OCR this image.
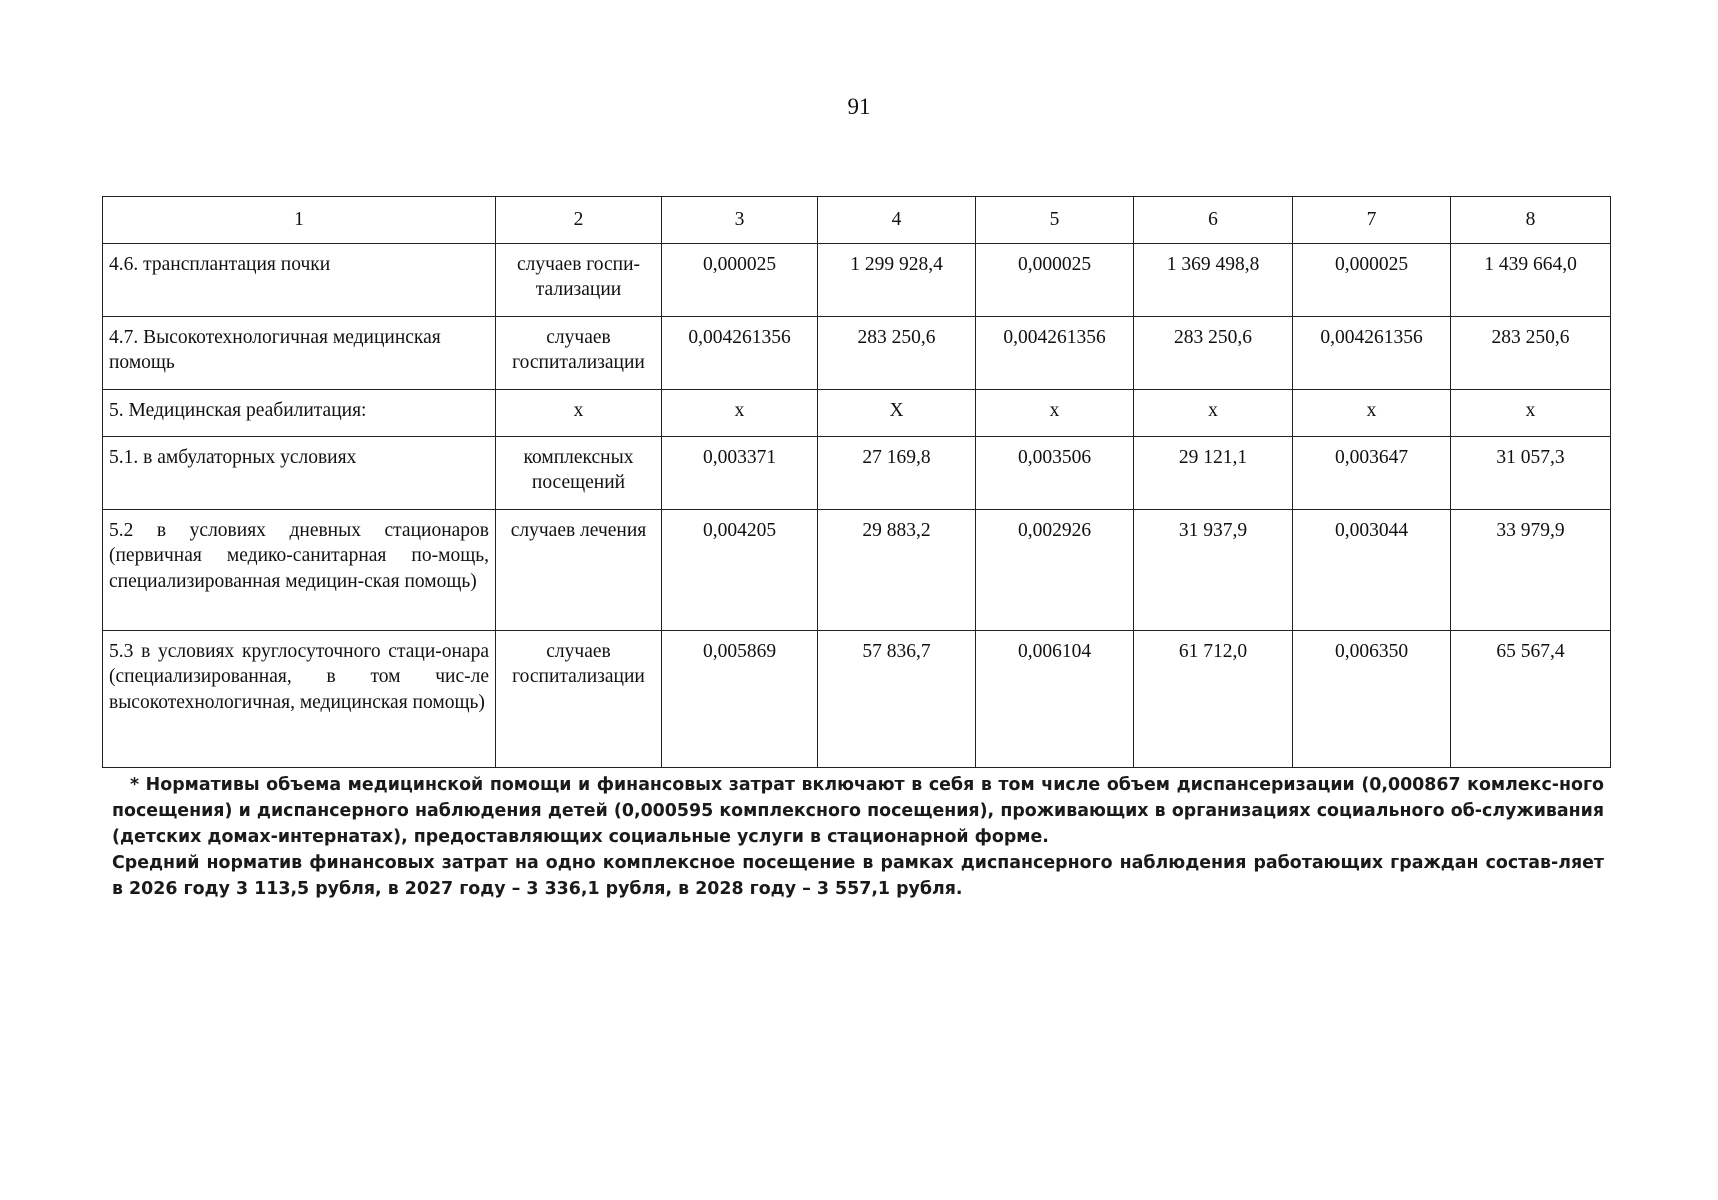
91
1	2	3	4	5	6	7	8
4.6. трансплантация почки	случаев госпи-тализации	0,000025	1 299 928,4	0,000025	1 369 498,8	0,000025	1 439 664,0
4.7. Высокотехнологичная медицинская помощь	случаев госпитализации	0,004261356	283 250,6	0,004261356	283 250,6	0,004261356	283 250,6
5. Медицинская реабилитация:	х	х	Х	х	х	х	х
5.1. в амбулаторных условиях	комплексных посещений	0,003371	27 169,8	0,003506	29 121,1	0,003647	31 057,3
5.2 в условиях дневных стационаров (первичная медико-санитарная по-мощь, специализированная медицин-ская помощь)	случаев лечения	0,004205	29 883,2	0,002926	31 937,9	0,003044	33 979,9
5.3 в условиях круглосуточного стаци-онара (специализированная, в том чис-ле высокотехнологичная, медицинская помощь)	случаев госпитализации	0,005869	57 836,7	0,006104	61 712,0	0,006350	65 567,4

* Нормативы объема медицинской помощи и финансовых затрат включают в себя в том числе объем диспансеризации (0,000867 комлекс-ного посещения) и диспансерного наблюдения детей (0,000595 комплексного посещения), проживающих в организациях социального об-служивания (детских домах-интернатах), предоставляющих социальные услуги в стационарной форме.

Средний норматив финансовых затрат на одно комплексное посещение в рамках диспансерного наблюдения работающих граждан состав-ляет в 2026 году 3 113,5 рубля, в 2027 году – 3 336,1 рубля, в 2028 году – 3 557,1 рубля.
